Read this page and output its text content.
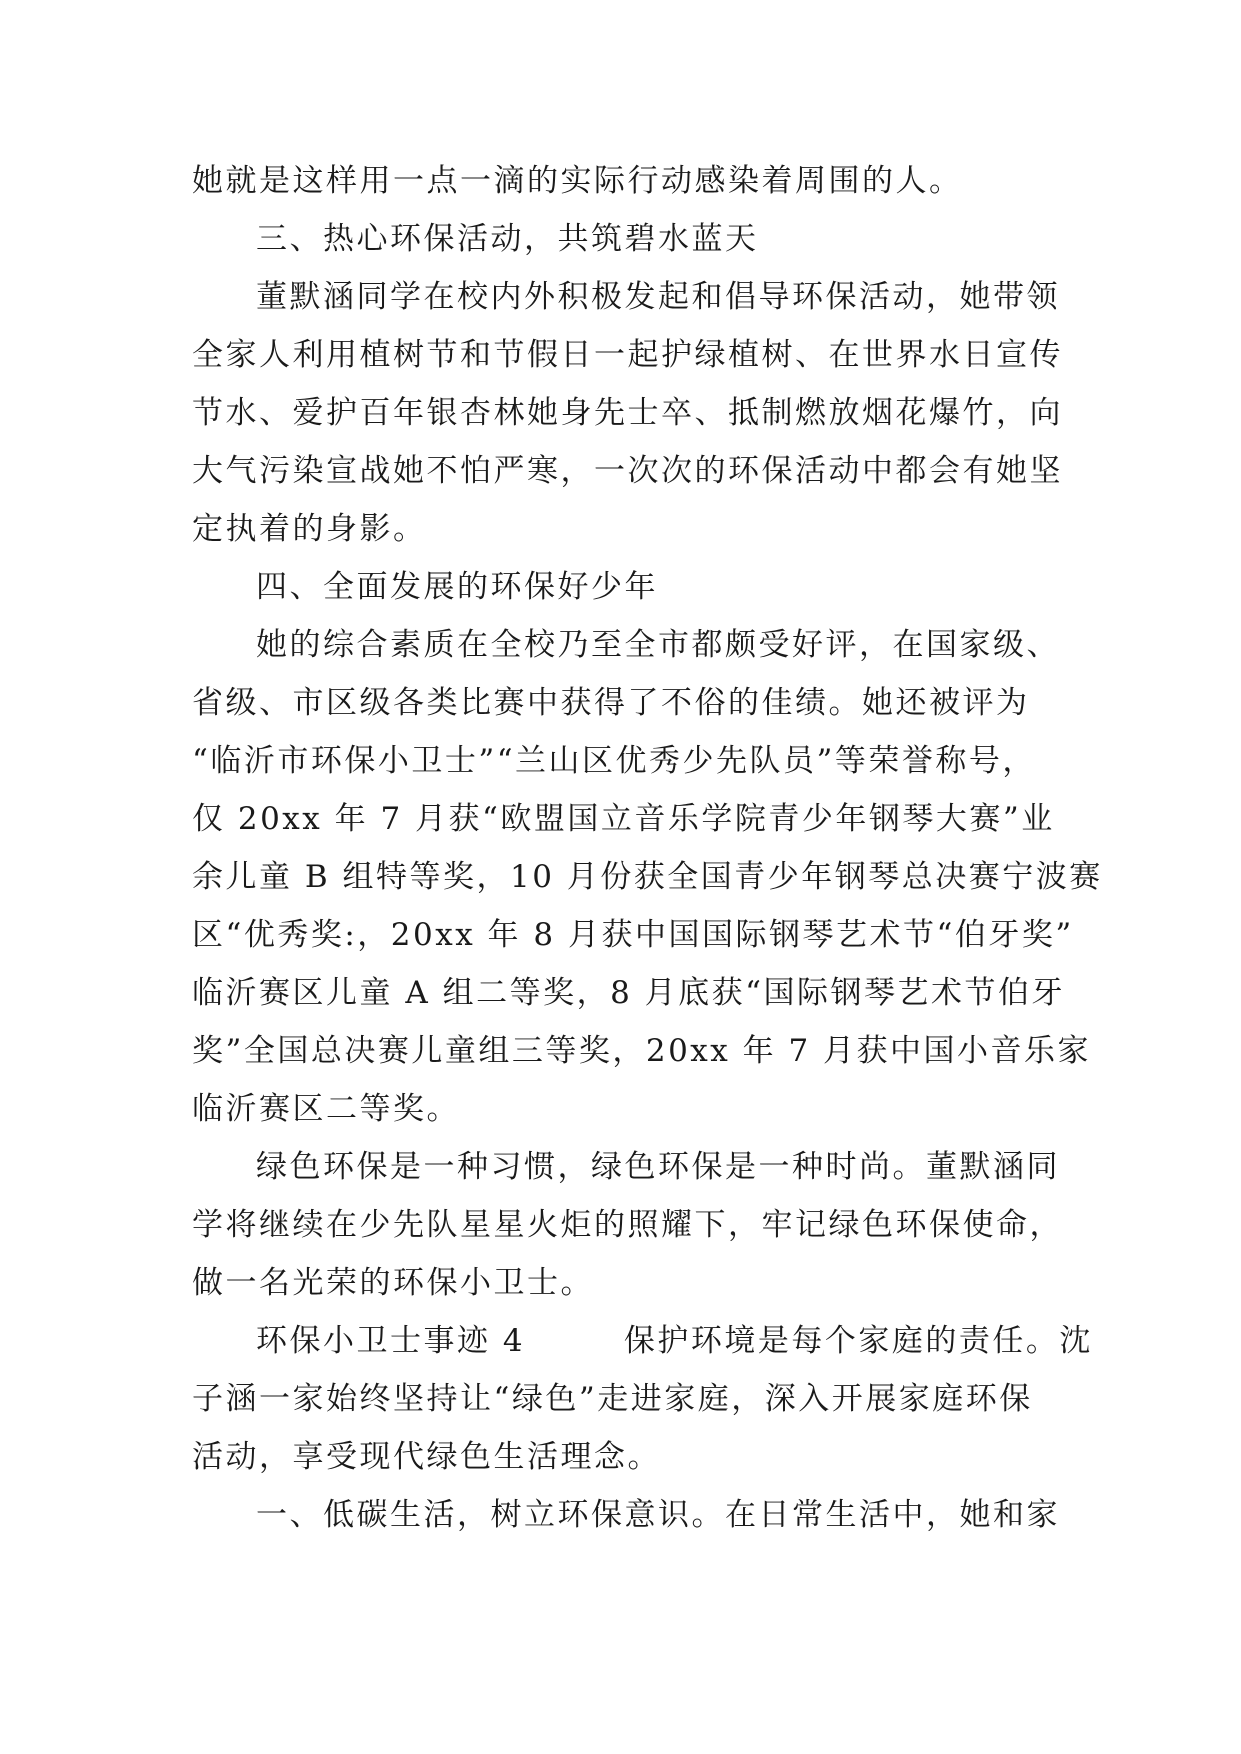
她就是这样用一点一滴的实际行动感染着周围的人。
三、热心环保活动，共筑碧水蓝天
董默涵同学在校内外积极发起和倡导环保活动，她带领
全家人利用植树节和节假日一起护绿植树、在世界水日宣传
节水、爱护百年银杏林她身先士卒、抵制燃放烟花爆竹，向
大气污染宣战她不怕严寒，一次次的环保活动中都会有她坚
定执着的身影。
四、全面发展的环保好少年
她的综合素质在全校乃至全市都颇受好评，在国家级、
省级、市区级各类比赛中获得了不俗的佳绩。她还被评为
“临沂市环保小卫士”“兰山区优秀少先队员”等荣誉称号，
仅 20xx 年 7 月获“欧盟国立音乐学院青少年钢琴大赛”业
余儿童 B 组特等奖，10 月份获全国青少年钢琴总决赛宁波赛
区“优秀奖:，20xx 年 8 月获中国国际钢琴艺术节“伯牙奖”
临沂赛区儿童 A 组二等奖，8 月底获“国际钢琴艺术节伯牙
奖”全国总决赛儿童组三等奖，20xx 年 7 月获中国小音乐家
临沂赛区二等奖。
绿色环保是一种习惯，绿色环保是一种时尚。董默涵同
学将继续在少先队星星火炬的照耀下，牢记绿色环保使命，
做一名光荣的环保小卫士。
环保小卫士事迹 4        保护环境是每个家庭的责任。沈
子涵一家始终坚持让“绿色”走进家庭，深入开展家庭环保
活动，享受现代绿色生活理念。
一、低碳生活，树立环保意识。在日常生活中，她和家
